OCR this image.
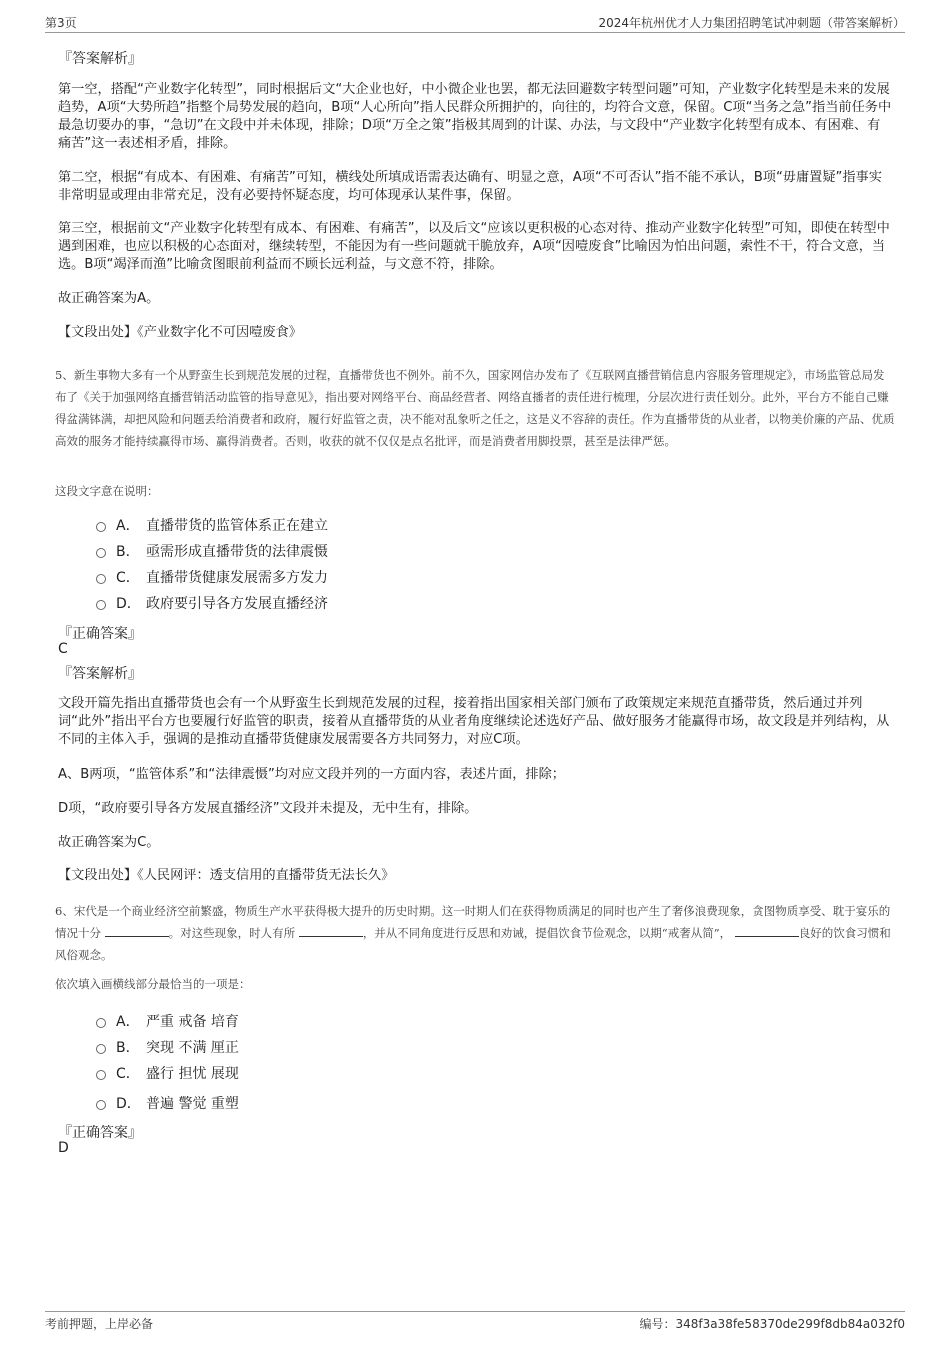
第3页	2024年杭州优才人力集团招聘笔试冲刺题（带答案解析）
『答案解析』

第一空，搭配“产业数字化转型”，同时根据后文“大企业也好，中小微企业也罢，都无法回避数字转型问题”可知，产业数字化转型是未来的发展趋势，A项“大势所趋”指整个局势发展的趋向，B项“人心所向”指人民群众所拥护的，向往的，均符合文意，保留。C项“当务之急”指当前任务中最急切要办的事，“急切”在文段中并未体现，排除；D项“万全之策”指极其周到的计谋、办法，与文段中“产业数字化转型有成本、有困难、有痛苦”这一表述相矛盾，排除。

第二空，根据“有成本、有困难、有痛苦”可知，横线处所填成语需表达确有、明显之意，A项“不可否认”指不能不承认，B项“毋庸置疑”指事实非常明显或理由非常充足，没有必要持怀疑态度，均可体现承认某件事，保留。

第三空，根据前文“产业数字化转型有成本、有困难、有痛苦”，以及后文“应该以更积极的心态对待、推动产业数字化转型”可知，即使在转型中遇到困难，也应以积极的心态面对，继续转型，不能因为有一些问题就干脆放弃，A项“因噎废食”比喻因为怕出问题，索性不干，符合文意，当选。B项“竭泽而渔”比喻贪图眼前利益而不顾长远利益，与文意不符，排除。

故正确答案为A。

【文段出处】《产业数字化不可因噎废食》

5、新生事物大多有一个从野蛮生长到规范发展的过程，直播带货也不例外。前不久，国家网信办发布了《互联网直播营销信息内容服务管理规定》，市场监管总局发布了《关于加强网络直播营销活动监管的指导意见》，指出要对网络平台、商品经营者、网络直播者的责任进行梳理，分层次进行责任划分。此外，平台方不能自己赚得盆满钵满，却把风险和问题丢给消费者和政府，履行好监管之责，决不能对乱象听之任之，这是义不容辞的责任。作为直播带货的从业者，以物美价廉的产品、优质高效的服务才能持续赢得市场、赢得消费者。否则，收获的就不仅仅是点名批评，而是消费者用脚投票，甚至是法律严惩。

这段文字意在说明：
A． 直播带货的监管体系正在建立
B． 亟需形成直播带货的法律震慑
C． 直播带货健康发展需多方发力
D． 政府要引导各方发展直播经济
『正确答案』
C
『答案解析』

文段开篇先指出直播带货也会有一个从野蛮生长到规范发展的过程，接着指出国家相关部门颁布了政策规定来规范直播带货，然后通过并列词“此外”指出平台方也要履行好监管的职责，接着从直播带货的从业者角度继续论述选好产品、做好服务才能赢得市场，故文段是并列结构，从不同的主体入手，强调的是推动直播带货健康发展需要各方共同努力，对应C项。

A、B两项，“监管体系”和“法律震慑”均对应文段并列的一方面内容，表述片面，排除；

D项，“政府要引导各方发展直播经济”文段并未提及，无中生有，排除。

故正确答案为C。

【文段出处】《人民网评：透支信用的直播带货无法长久》

6、宋代是一个商业经济空前繁盛，物质生产水平获得极大提升的历史时期。这一时期人们在获得物质满足的同时也产生了奢侈浪费现象，贪图物质享受、耽于宴乐的情况十分	。对这些现象，时人有所	，并从不同角度进行反思和劝诫，提倡饮食节俭观念，以期“戒奢从简”，	良好的饮食习惯和风俗观念。

依次填入画横线部分最恰当的一项是：
A． 严重 戒备 培育
B． 突现 不满 厘正
C． 盛行 担忧 展现
D． 普遍 警觉 重塑
『正确答案』
D
考前押题，上岸必备	编号：348f3a38fe58370de299f8db84a032f0
